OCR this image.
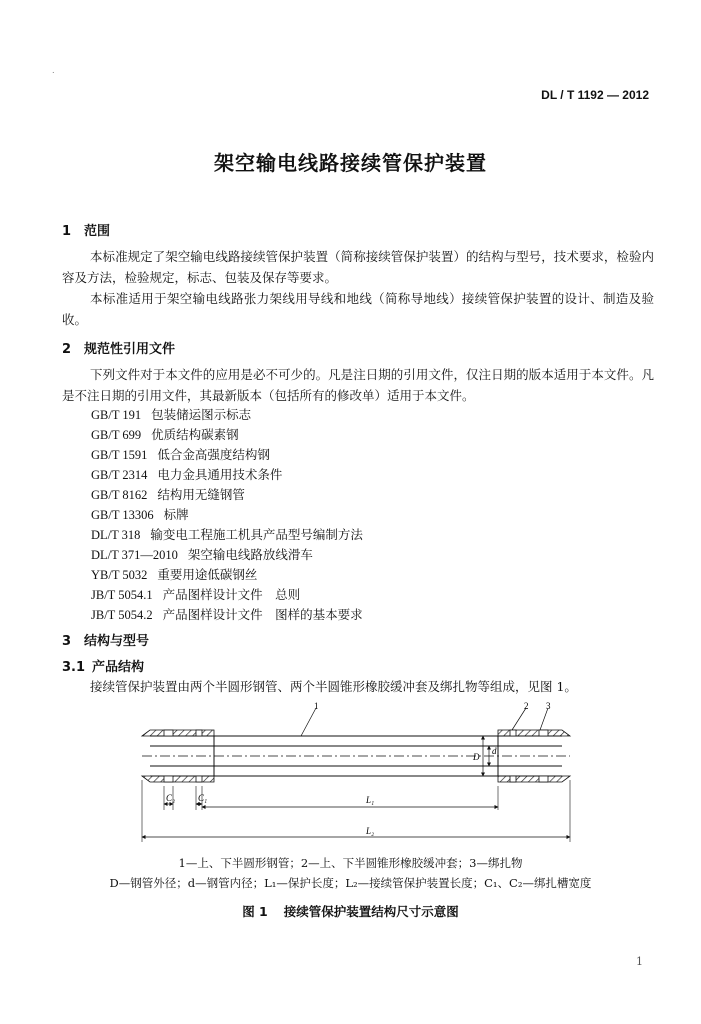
.
DL / T 1192 — 2012
架空输电线路接续管保护装置
1 范围
本标准规定了架空输电线路接续管保护装置（简称接续管保护装置）的结构与型号，技术要求，检验内容及方法，检验规定，标志、包装及保存等要求。
本标准适用于架空输电线路张力架线用导线和地线（简称导地线）接续管保护装置的设计、制造及验收。
2 规范性引用文件
下列文件对于本文件的应用是必不可少的。凡是注日期的引用文件，仅注日期的版本适用于本文件。凡是不注日期的引用文件，其最新版本（包括所有的修改单）适用于本文件。
GB/T 191 包装储运图示标志
GB/T 699 优质结构碳素钢
GB/T 1591 低合金高强度结构钢
GB/T 2314 电力金具通用技术条件
GB/T 8162 结构用无缝钢管
GB/T 13306 标牌
DL/T 318 输变电工程施工机具产品型号编制方法
DL/T 371—2010 架空输电线路放线滑车
YB/T 5032 重要用途低碳钢丝
JB/T 5054.1 产品图样设计文件　总则
JB/T 5054.2 产品图样设计文件　图样的基本要求
3 结构与型号
3.1 产品结构
接续管保护装置由两个半圆形钢管、两个半圆锥形橡胶缓冲套及绑扎物等组成，见图 1。
1	2 3
D
d
C₂	C₁	L₁
L₂
1—上、下半圆形钢管；2—上、下半圆锥形橡胶缓冲套；3—绑扎物
D—钢管外径；d—钢管内径；L₁—保护长度；L₂—接续管保护装置长度；C₁、C₂—绑扎槽宽度
图 1 接续管保护装置结构尺寸示意图
1
